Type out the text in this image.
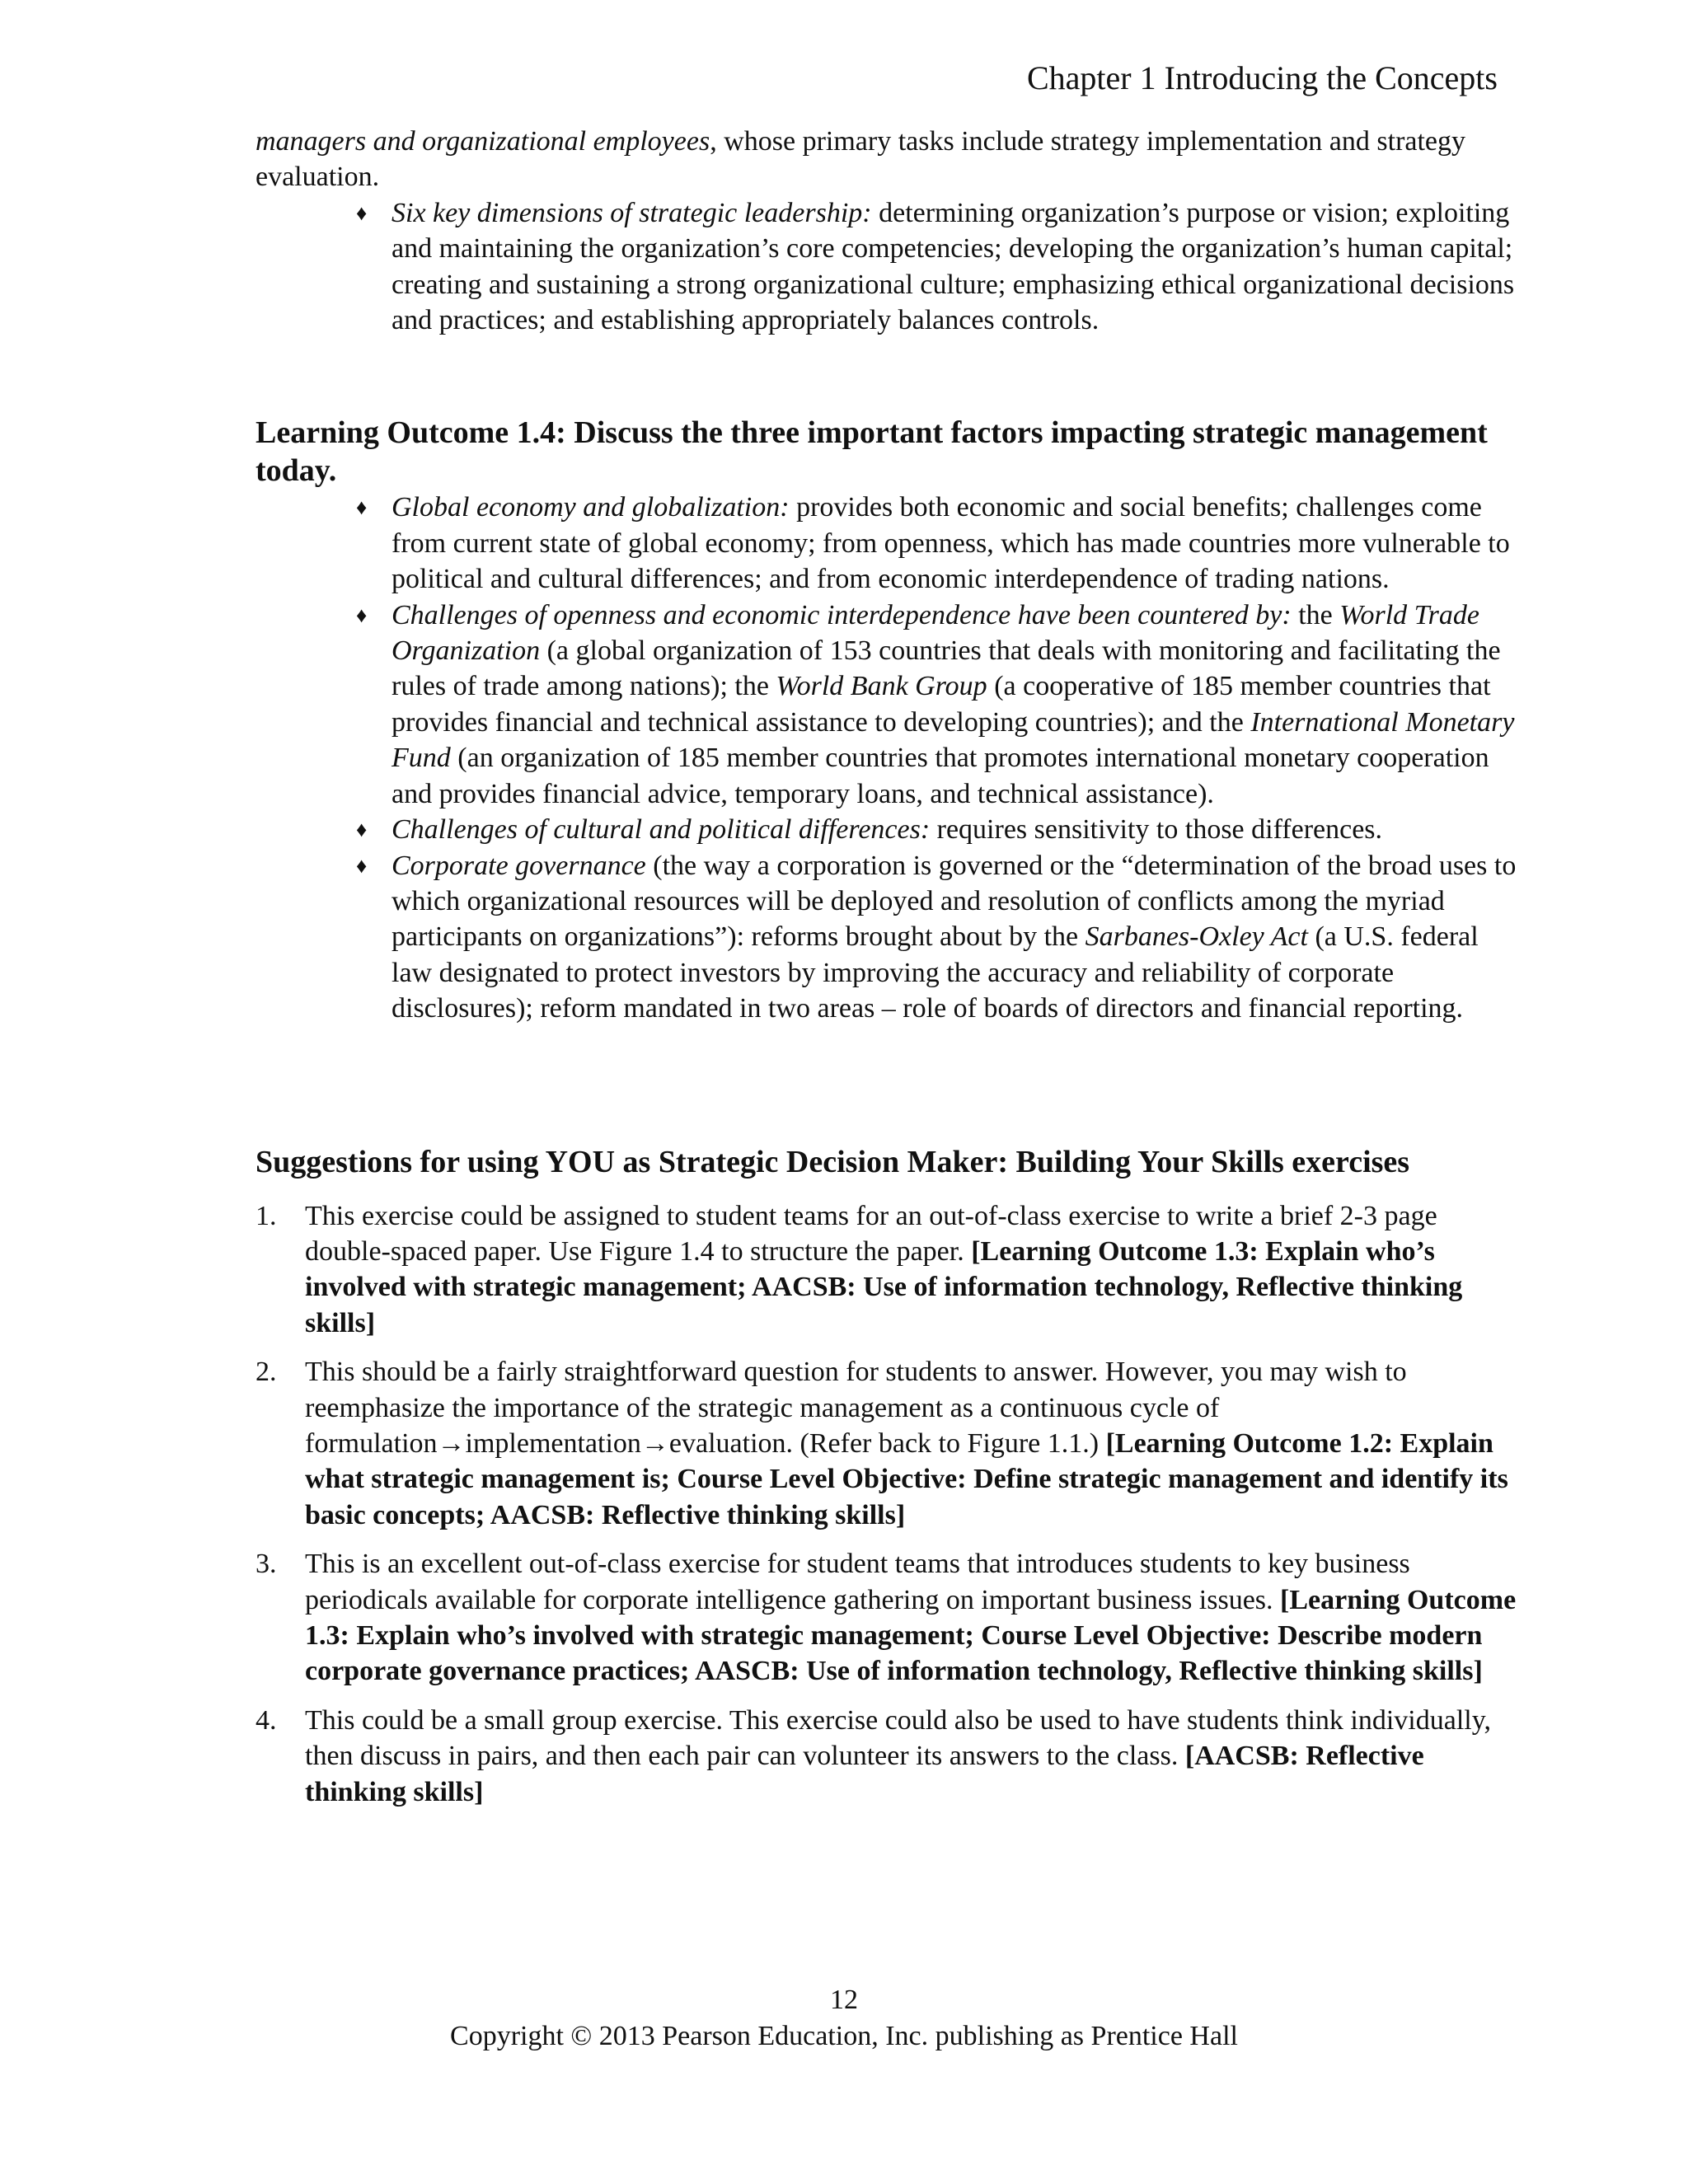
Chapter 1 Introducing the Concepts

managers and organizational employees, whose primary tasks include strategy implementation and strategy evaluation.

♦ Six key dimensions of strategic leadership: determining organization’s purpose or vision; exploiting and maintaining the organization’s core competencies; developing the organization’s human capital; creating and sustaining a strong organizational culture; emphasizing ethical organizational decisions and practices; and establishing appropriately balances controls.
Learning Outcome 1.4: Discuss the three important factors impacting strategic management today.
♦ Global economy and globalization: provides both economic and social benefits; challenges come from current state of global economy; from openness, which has made countries more vulnerable to political and cultural differences; and from economic interdependence of trading nations.
♦ Challenges of openness and economic interdependence have been countered by: the World Trade Organization (a global organization of 153 countries that deals with monitoring and facilitating the rules of trade among nations); the World Bank Group (a cooperative of 185 member countries that provides financial and technical assistance to developing countries); and the International Monetary Fund (an organization of 185 member countries that promotes international monetary cooperation and provides financial advice, temporary loans, and technical assistance).
♦ Challenges of cultural and political differences: requires sensitivity to those differences.
♦ Corporate governance (the way a corporation is governed or the “determination of the broad uses to which organizational resources will be deployed and resolution of conflicts among the myriad participants on organizations”): reforms brought about by the Sarbanes-Oxley Act (a U.S. federal law designated to protect investors by improving the accuracy and reliability of corporate disclosures); reform mandated in two areas – role of boards of directors and financial reporting.
Suggestions for using YOU as Strategic Decision Maker: Building Your Skills exercises
1. This exercise could be assigned to student teams for an out-of-class exercise to write a brief 2-3 page double-spaced paper. Use Figure 1.4 to structure the paper. [Learning Outcome 1.3: Explain who’s involved with strategic management; AACSB: Use of information technology, Reflective thinking skills]
2. This should be a fairly straightforward question for students to answer. However, you may wish to reemphasize the importance of the strategic management as a continuous cycle of formulation→implementation→evaluation. (Refer back to Figure 1.1.) [Learning Outcome 1.2: Explain what strategic management is; Course Level Objective: Define strategic management and identify its basic concepts; AACSB: Reflective thinking skills]
3. This is an excellent out-of-class exercise for student teams that introduces students to key business periodicals available for corporate intelligence gathering on important business issues. [Learning Outcome 1.3: Explain who’s involved with strategic management; Course Level Objective: Describe modern corporate governance practices; AASCB: Use of information technology, Reflective thinking skills]
4. This could be a small group exercise. This exercise could also be used to have students think individually, then discuss in pairs, and then each pair can volunteer its answers to the class. [AACSB: Reflective thinking skills]
12
Copyright © 2013 Pearson Education, Inc. publishing as Prentice Hall
